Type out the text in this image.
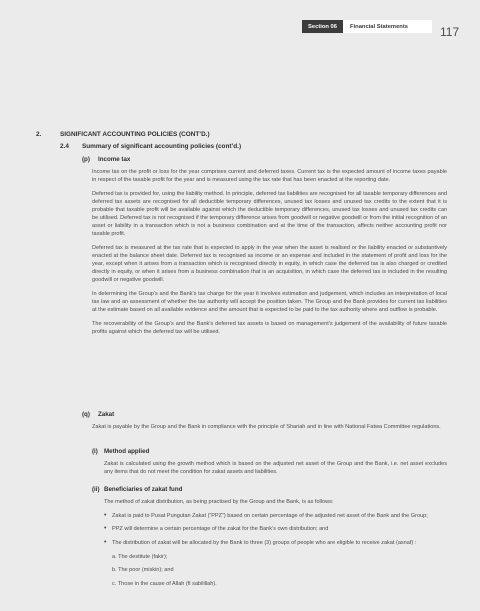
Section 06	Financial Statements	117
2.	SIGNIFICANT ACCOUNTING POLICIES (CONT’D.)
2.4 Summary of significant accounting policies (cont’d.)
(p) Income tax

Income tax on the profit or loss for the year comprises current and deferred taxes. Current tax is the expected amount of income taxes payable in respect of the taxable profit for the year and is measured using the tax rate that has been enacted at the reporting date.

Deferred tax is provided for, using the liability method. In principle, deferred tax liabilities are recognised for all taxable temporary differences and deferred tax assets are recognised for all deductible temporary differences, unused tax losses and unused tax credits to the extent that it is probable that taxable profit will be available against which the deductible temporary differences, unused tax losses and unused tax credits can be utilised. Deferred tax is not recognised if the temporary difference arises from goodwill or negative goodwill or from the initial recognition of an asset or liability in a transaction which is not a business combination and at the time of the transaction, affects neither accounting profit nor taxable profit.

Deferred tax is measured at the tax rate that is expected to apply in the year when the asset is realised or the liability enacted or substantively enacted at the balance sheet date. Deferred tax is recognised as income or an expense and included in the statement of profit and loss for the year, except when it arises from a transaction which is recognised directly in equity, in which case the deferred tax is also charged or credited directly in equity, or when it arises from a business combination that is an acquisition, in which case the deferred tax is included in the resulting goodwill or negative goodwill.

In determining the Group’s and the Bank’s tax charge for the year it involves estimation and judgement, which includes an interpretation of local tax law and an assessment of whether the tax authority will accept the position taken. The Group and the Bank provides for current tax liabilities at the estimate based on all available evidence and the amount that is expected to be paid to the tax authority where and outflow is probable.

The recoverability of the Group’s and the Bank’s deferred tax assets is based on management’s judgement of the availability of future taxable profits against which the deferred tax will be utilised.

(q) Zakat

Zakat is payable by the Group and the Bank in compliance with the principle of Shariah and in line with National Fatwa Committee regulations.

(i) Method applied

Zakat is calculated using the growth method which is based on the adjusted net asset of the Group and the Bank, i.e. net asset excludes any items that do not meet the condition for zakat assets and liabilities.

(ii) Beneficiaries of zakat fund

The method of zakat distribution, as being practised by the Group and the Bank, is as follows:

• Zakat is paid to Pusat Pungutan Zakat (“PPZ”) based on certain percentage of the adjusted net asset of the Bank and the Group;

• PPZ will determine a certain percentage of the zakat for the Bank’s own distribution; and

• The distribution of zakat will be allocated by the Bank to three (3) groups of people who are eligible to receive zakat (asnaf) :

a. The destitute (fakir);

b. The poor (miskin); and

c. Those in the cause of Allah (fi sabilillah).
